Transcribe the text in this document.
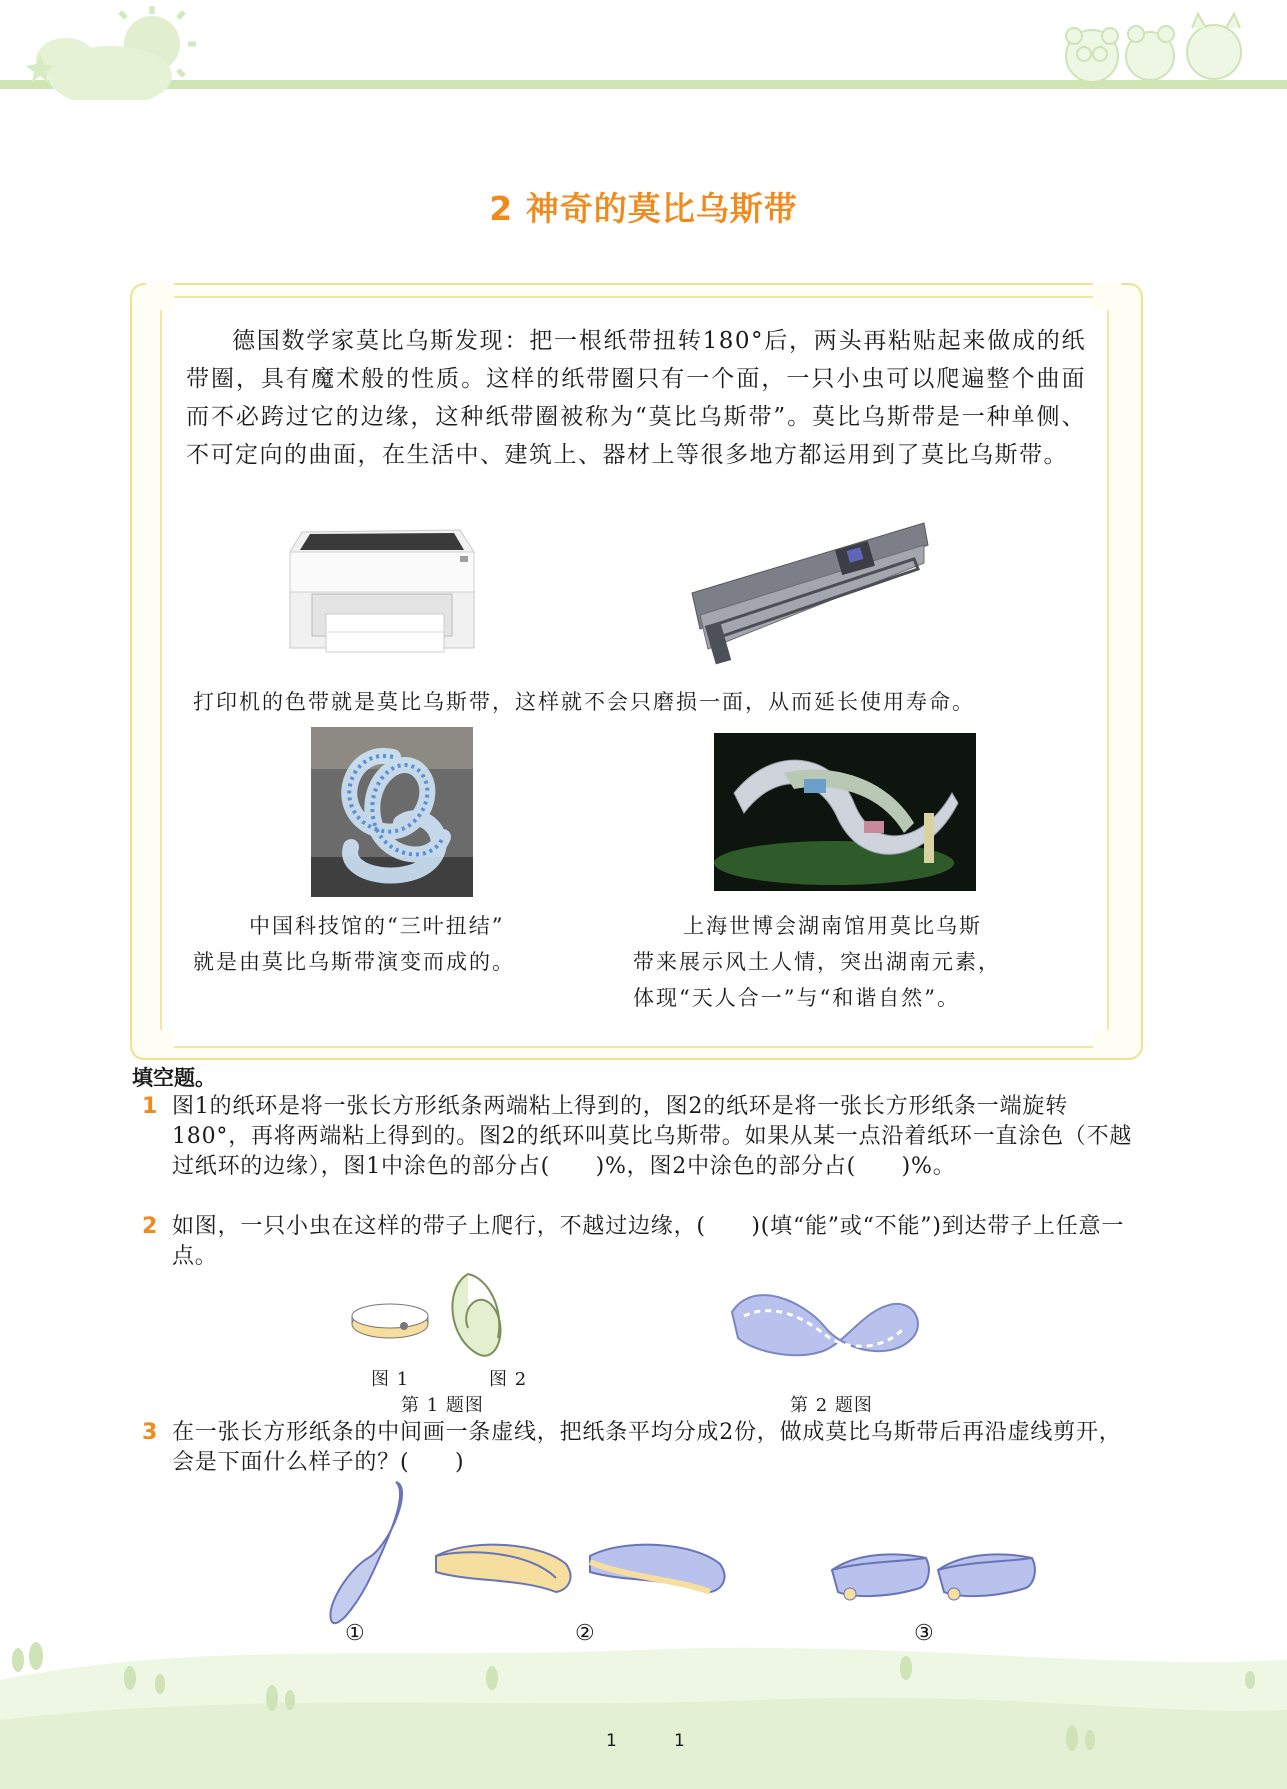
2 神奇的莫比乌斯带
德国数学家莫比乌斯发现：把一根纸带扭转180°后，两头再粘贴起来做成的纸带圈，具有魔术般的性质。这样的纸带圈只有一个面，一只小虫可以爬遍整个曲面而不必跨过它的边缘，这种纸带圈被称为“莫比乌斯带”。莫比乌斯带是一种单侧、不可定向的曲面，在生活中、建筑上、器材上等很多地方都运用到了莫比乌斯带。
打印机的色带就是莫比乌斯带，这样就不会只磨损一面，从而延长使用寿命。
中国科技馆的“三叶扭结”
就是由莫比乌斯带演变而成的。
上海世博会湖南馆用莫比乌斯
带来展示风土人情，突出湖南元素，
体现“天人合一”与“和谐自然”。
填空题。
1 图1的纸环是将一张长方形纸条两端粘上得到的，图2的纸环是将一张长方形纸条一端旋转180°，再将两端粘上得到的。图2的纸环叫莫比乌斯带。如果从某一点沿着纸环一直涂色（不越过纸环的边缘），图1中涂色的部分占(　　)%，图2中涂色的部分占(　　)%。
2 如图，一只小虫在这样的带子上爬行，不越过边缘，(　　)(填“能”或“不能”)到达带子上任意一点。
图 1	图 2
第 1 题图	第 2 题图
3 在一张长方形纸条的中间画一条虚线，把纸条平均分成2份，做成莫比乌斯带后再沿虚线剪开，会是下面什么样子的？(　　)
①	②	③
1	1
